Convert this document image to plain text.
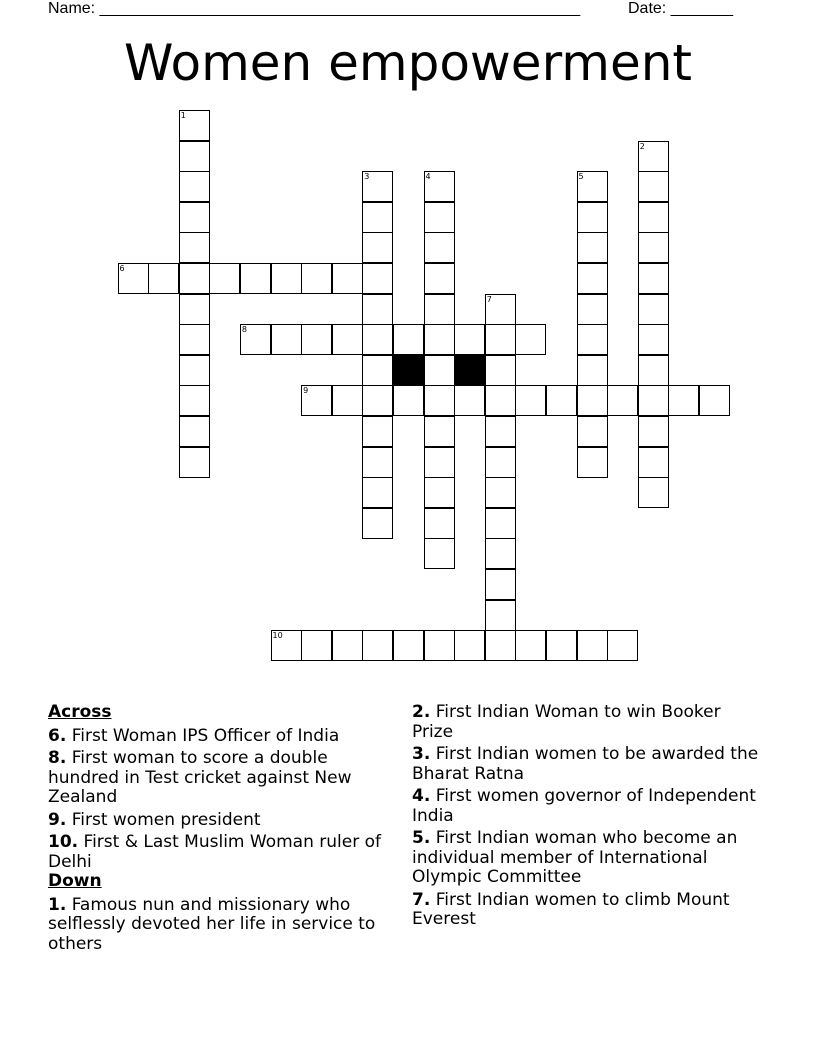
Name: ______________________________________________________	Date: _______
Women empowerment
1
2
3	4	5
7
6
8
9
10
Across
6. First Woman IPS Officer of India
8. First woman to score a double hundred in Test cricket against New Zealand
9. First women president
10. First & Last Muslim Woman ruler of Delhi
Down
1. Famous nun and missionary who selflessly devoted her life in service to others
2. First Indian Woman to win Booker Prize
3. First Indian women to be awarded the Bharat Ratna
4. First women governor of Independent India
5. First Indian woman who become an individual member of International Olympic Committee
7. First Indian women to climb Mount Everest
